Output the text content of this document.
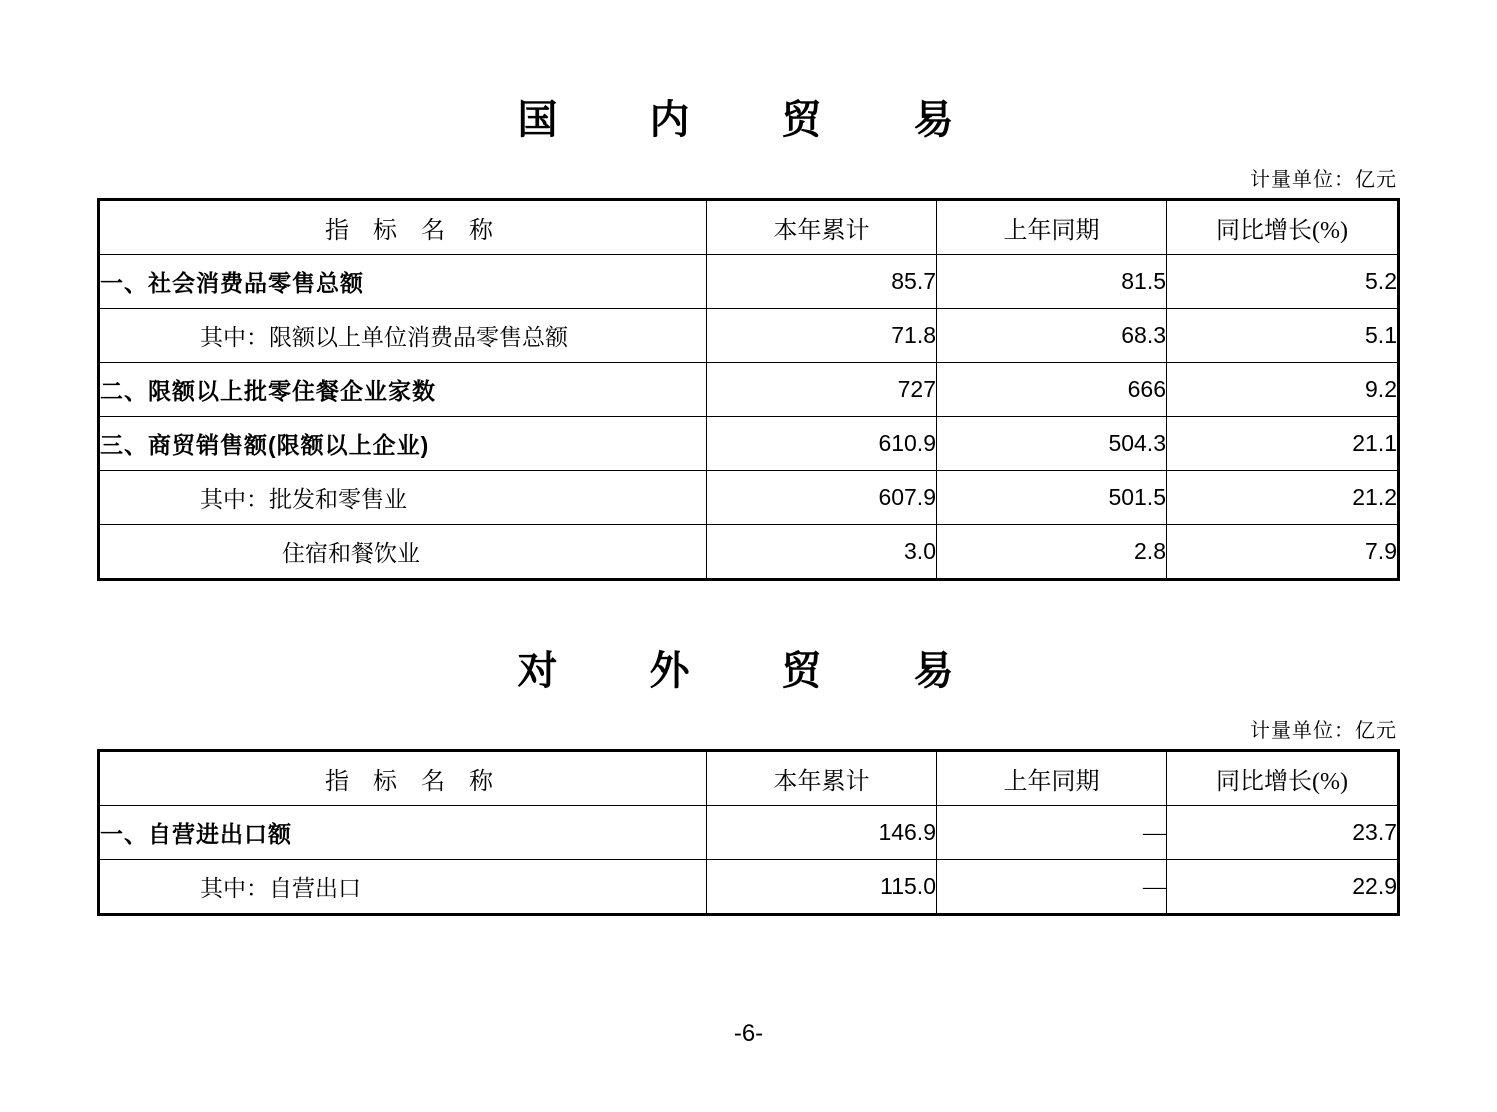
国　内　贸　易
计量单位：亿元
指　标　名　称	本年累计	上年同期	同比增长(%)
一、社会消费品零售总额	85.7	81.5	5.2
其中：限额以上单位消费品零售总额	71.8	68.3	5.1
二、限额以上批零住餐企业家数	727	666	9.2
三、商贸销售额(限额以上企业)	610.9	504.3	21.1
其中：批发和零售业	607.9	501.5	21.2
住宿和餐饮业	3.0	2.8	7.9
对　外　贸　易
计量单位：亿元
指　标　名　称	本年累计	上年同期	同比增长(%)
一、自营进出口额	146.9	—	23.7
其中：自营出口	115.0	—	22.9
-6-
